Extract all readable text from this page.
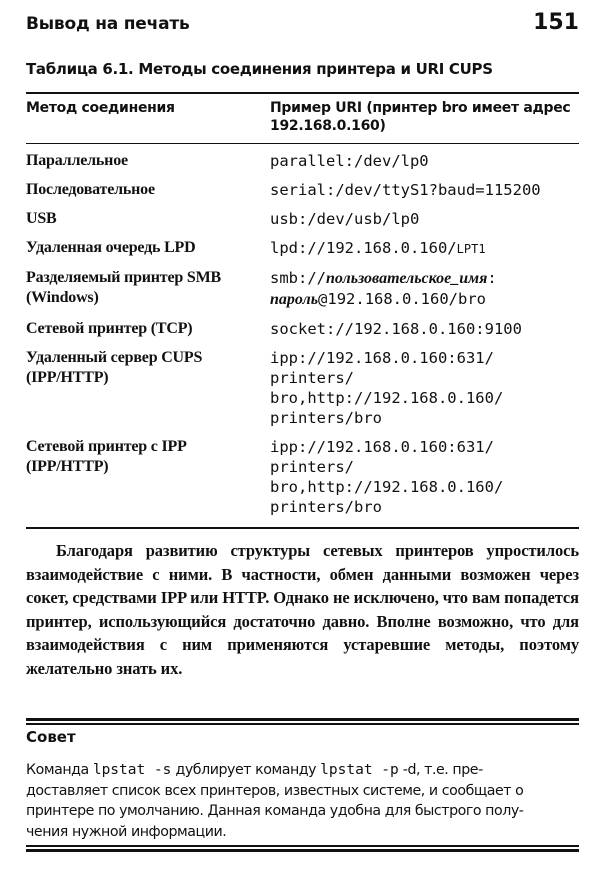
Вывод на печать	151
Таблица 6.1. Методы соединения принтера и URI CUPS
Метод соединения	Пример URI (принтер bro имеет адрес 192.168.0.160)
Параллельное	parallel:/dev/lp0
Последовательное	serial:/dev/ttyS1?baud=115200
USB	usb:/dev/usb/lp0
Удаленная очередь LPD	lpd://192.168.0.160/LPT1
Разделяемый принтер SMB (Windows)	smb://пользовательское_имя:
пароль@192.168.0.160/bro
Сетевой принтер (TCP)	socket://192.168.0.160:9100
Удаленный сервер CUPS (IPP/HTTP)	ipp://192.168.0.160:631/
printers/
bro,http://192.168.0.160/
printers/bro
Сетевой принтер с IPP (IPP/HTTP)	ipp://192.168.0.160:631/
printers/
bro,http://192.168.0.160/
printers/bro

Благодаря развитию структуры сетевых принтеров упростилось взаимодействие с ними. В частности, обмен данными возможен через сокет, средствами IPP или HTTP. Однако не исключено, что вам попадется принтер, использующийся достаточно давно. Вполне возможно, что для взаимодействия с ним применяются устаревшие методы, поэтому желательно знать их.

Совет
Команда lpstat -s дублирует команду lpstat -p -d, т.е. пре-
доставляет список всех принтеров, известных системе, и сообщает о
принтере по умолчанию. Данная команда удобна для быстрого полу-
чения нужной информации.
